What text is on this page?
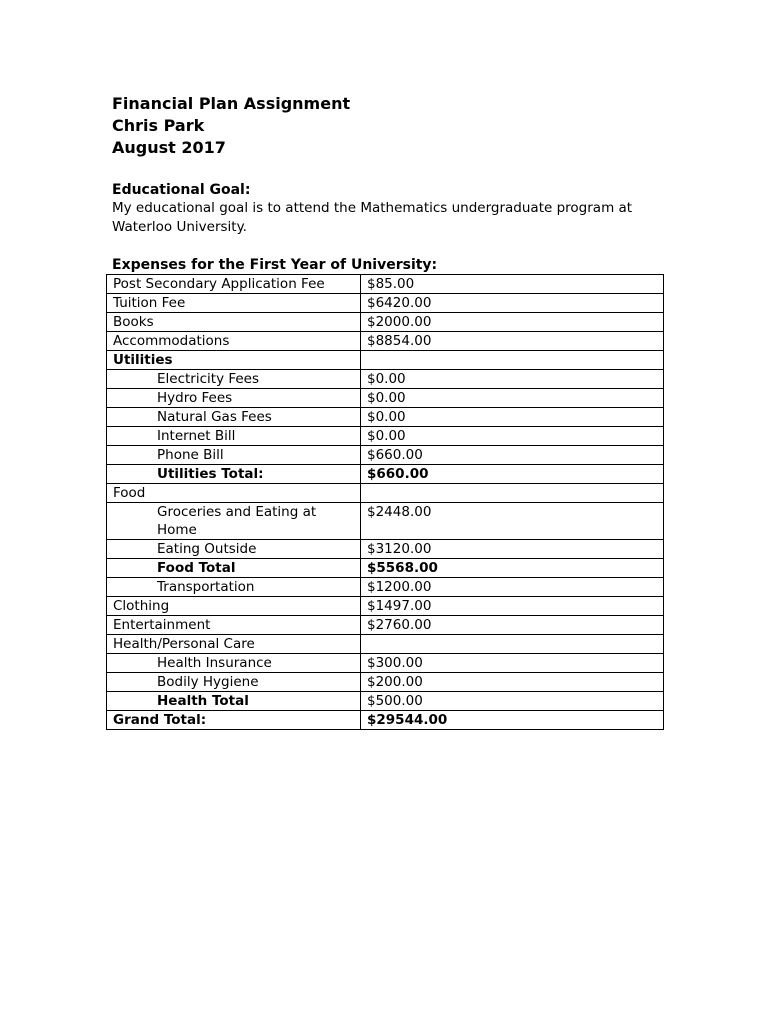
Financial Plan Assignment
Chris Park
August 2017
Educational Goal:
My educational goal is to attend the Mathematics undergraduate program at Waterloo University.
Expenses for the First Year of University:
Post Secondary Application Fee	$85.00
Tuition Fee	$6420.00
Books	$2000.00
Accommodations	$8854.00
Utilities	
Electricity Fees	$0.00
Hydro Fees	$0.00
Natural Gas Fees	$0.00
Internet Bill	$0.00
Phone Bill	$660.00
Utilities Total:	$660.00
Food	
Groceries and Eating at Home	$2448.00
Eating Outside	$3120.00
Food Total	$5568.00
Transportation	$1200.00
Clothing	$1497.00
Entertainment	$2760.00
Health/Personal Care	
Health Insurance	$300.00
Bodily Hygiene	$200.00
Health Total	$500.00
Grand Total:	$29544.00
